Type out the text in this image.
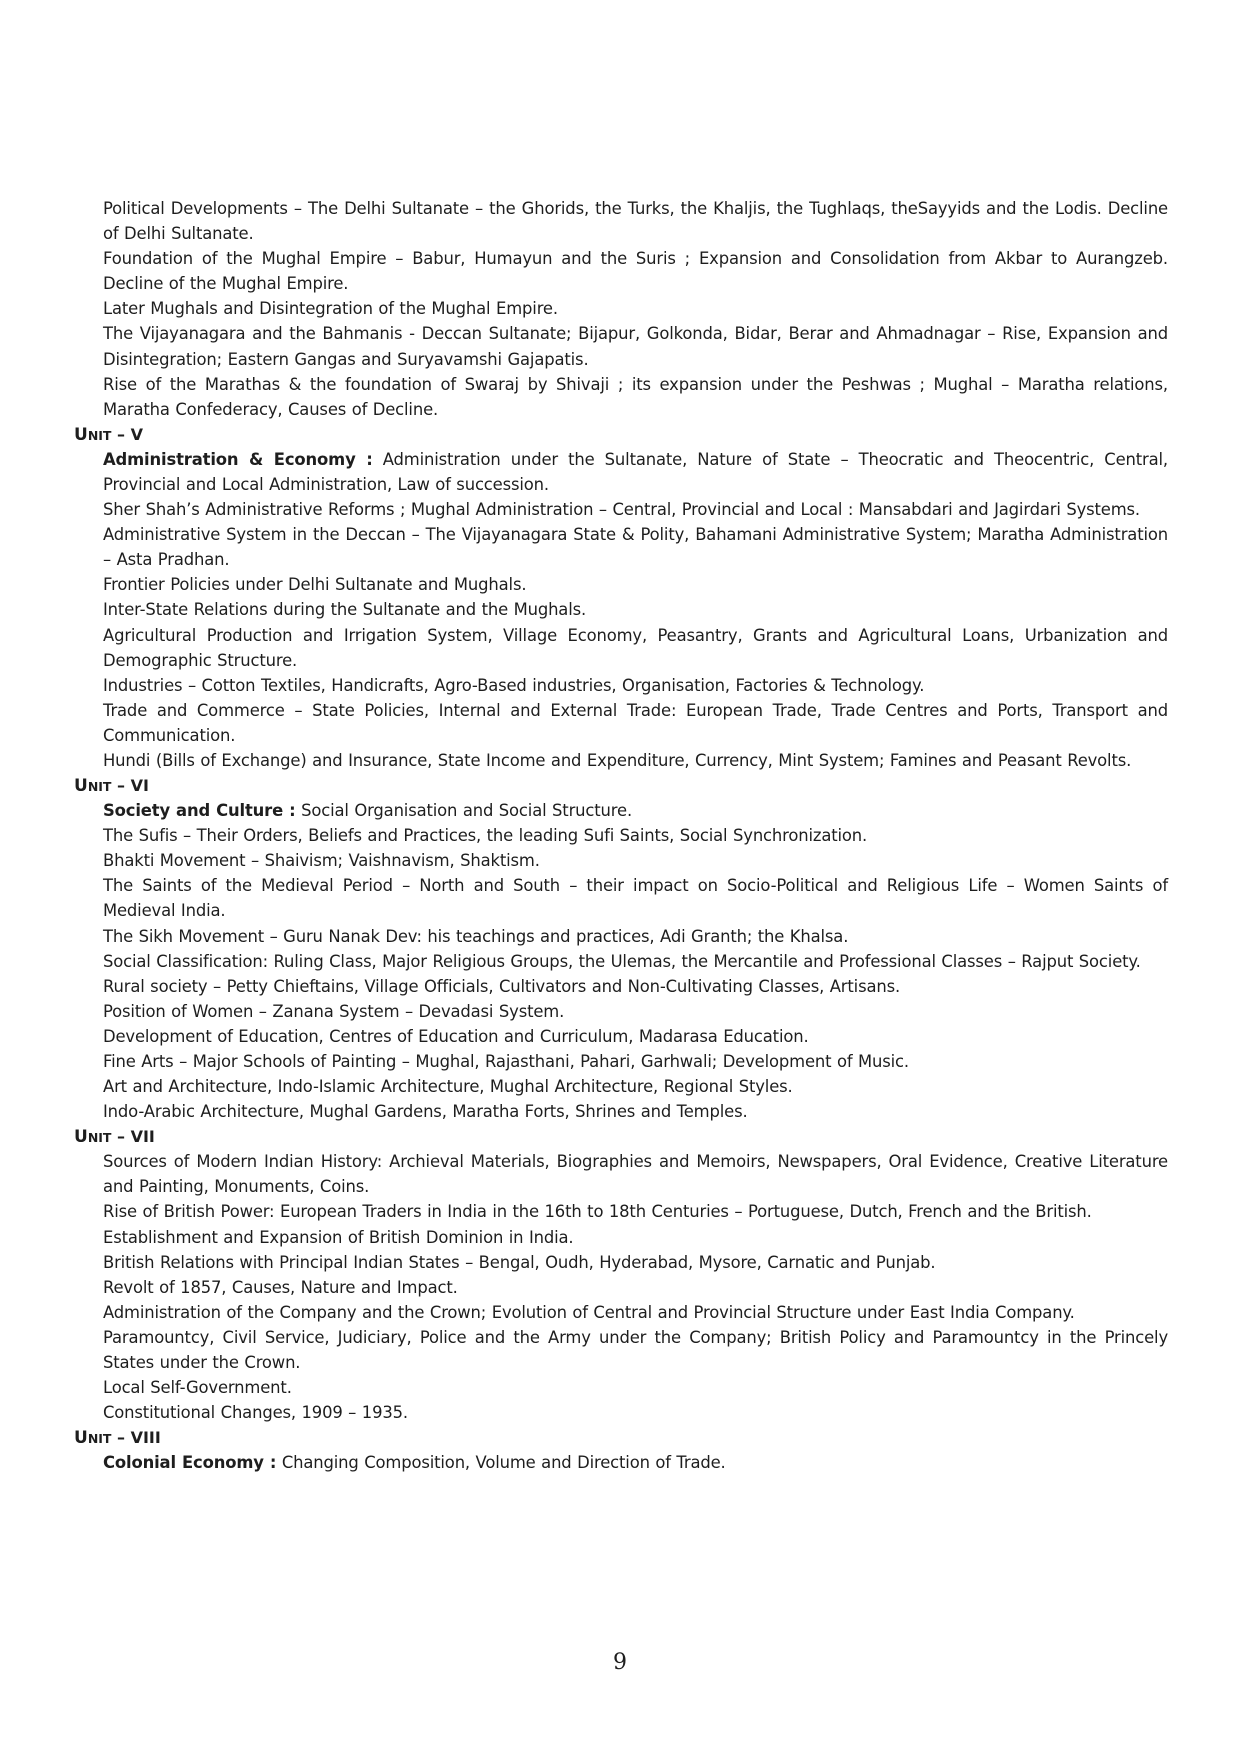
Political Developments – The Delhi Sultanate – the Ghorids, the Turks, the Khaljis, the Tughlaqs, theSayyids and the Lodis. Decline of Delhi Sultanate.

Foundation of the Mughal Empire – Babur, Humayun and the Suris ; Expansion and Consolidation from Akbar to Aurangzeb. Decline of the Mughal Empire.

Later Mughals and Disintegration of the Mughal Empire.

The Vijayanagara and the Bahmanis - Deccan Sultanate; Bijapur, Golkonda, Bidar, Berar and Ahmadnagar – Rise, Expansion and Disintegration; Eastern Gangas and Suryavamshi Gajapatis.

Rise of the Marathas & the foundation of Swaraj by Shivaji ; its expansion under the Peshwas ; Mughal – Maratha relations, Maratha Confederacy, Causes of Decline.

UNIT – V

Administration & Economy : Administration under the Sultanate, Nature of State – Theocratic and Theocentric, Central, Provincial and Local Administration, Law of succession.

Sher Shah’s Administrative Reforms ; Mughal Administration – Central, Provincial and Local : Mansabdari and Jagirdari Systems.

Administrative System in the Deccan – The Vijayanagara State & Polity, Bahamani Administrative System; Maratha Administration – Asta Pradhan.

Frontier Policies under Delhi Sultanate and Mughals.

Inter-State Relations during the Sultanate and the Mughals.

Agricultural Production and Irrigation System, Village Economy, Peasantry, Grants and Agricultural Loans, Urbanization and Demographic Structure.

Industries – Cotton Textiles, Handicrafts, Agro-Based industries, Organisation, Factories & Technology.

Trade and Commerce – State Policies, Internal and External Trade: European Trade, Trade Centres and Ports, Transport and Communication.

Hundi (Bills of Exchange) and Insurance, State Income and Expenditure, Currency, Mint System; Famines and Peasant Revolts.

UNIT – VI

Society and Culture : Social Organisation and Social Structure.

The Sufis – Their Orders, Beliefs and Practices, the leading Sufi Saints, Social Synchronization.

Bhakti Movement – Shaivism; Vaishnavism, Shaktism.

The Saints of the Medieval Period – North and South – their impact on Socio-Political and Religious Life – Women Saints of Medieval India.

The Sikh Movement – Guru Nanak Dev: his teachings and practices, Adi Granth; the Khalsa.

Social Classification: Ruling Class, Major Religious Groups, the Ulemas, the Mercantile and Professional Classes – Rajput Society.

Rural society – Petty Chieftains, Village Officials, Cultivators and Non-Cultivating Classes, Artisans.

Position of Women – Zanana System – Devadasi System.

Development of Education, Centres of Education and Curriculum, Madarasa Education.

Fine Arts – Major Schools of Painting – Mughal, Rajasthani, Pahari, Garhwali; Development of Music.

Art and Architecture, Indo-Islamic Architecture, Mughal Architecture, Regional Styles.

Indo-Arabic Architecture, Mughal Gardens, Maratha Forts, Shrines and Temples.

UNIT – VII

Sources of Modern Indian History: Archieval Materials, Biographies and Memoirs, Newspapers, Oral Evidence, Creative Literature and Painting, Monuments, Coins.

Rise of British Power: European Traders in India in the 16th to 18th Centuries – Portuguese, Dutch, French and the British.

Establishment and Expansion of British Dominion in India.

British Relations with Principal Indian States – Bengal, Oudh, Hyderabad, Mysore, Carnatic and Punjab.

Revolt of 1857, Causes, Nature and Impact.

Administration of the Company and the Crown; Evolution of Central and Provincial Structure under East India Company.

Paramountcy, Civil Service, Judiciary, Police and the Army under the Company; British Policy and Paramountcy in the Princely States under the Crown.

Local Self-Government.

Constitutional Changes, 1909 – 1935.

UNIT – VIII

Colonial Economy : Changing Composition, Volume and Direction of Trade.

9
